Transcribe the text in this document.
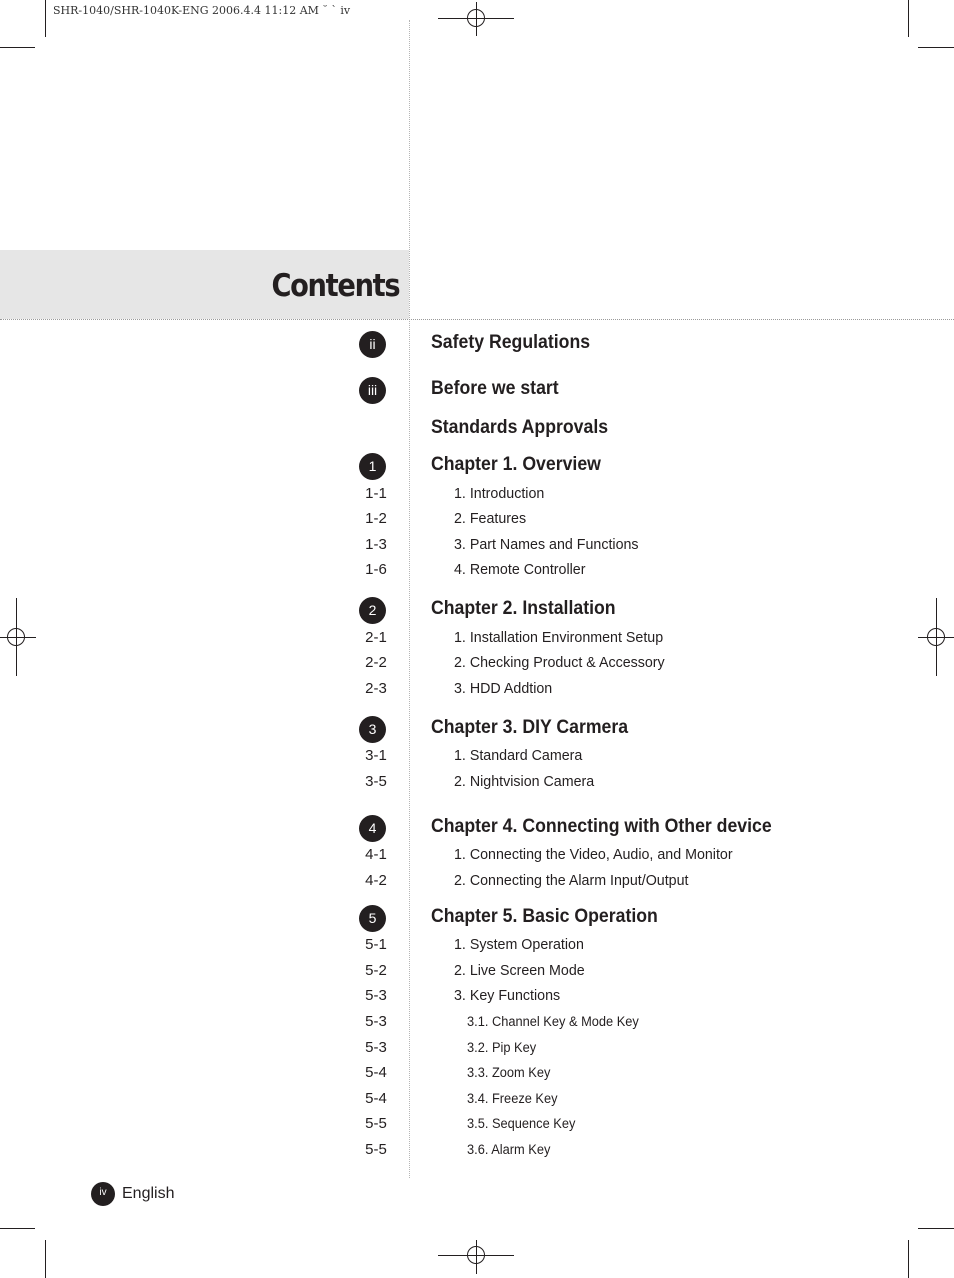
SHR-1040/SHR-1040K-ENG 2006.4.4 11:12 AM ˘ ` iv
Contents
ii	Safety Regulations
iii	Before we start
Standards Approvals
1	Chapter 1. Overview
1-1	1. Introduction
1-2	2. Features
1-3	3. Part Names and Functions
1-6	4. Remote Controller
2	Chapter 2. Installation
2-1	1. Installation Environment Setup
2-2	2. Checking Product & Accessory
2-3	3. HDD Addtion
3	Chapter 3. DIY Carmera
3-1	1. Standard Camera
3-5	2. Nightvision Camera
4	Chapter 4. Connecting with Other device
4-1	1. Connecting the Video, Audio, and Monitor
4-2	2. Connecting the Alarm Input/Output
5	Chapter 5. Basic Operation
5-1	1. System Operation
5-2	2. Live Screen Mode
5-3	3. Key Functions
5-3	3.1. Channel Key & Mode Key
5-3	3.2. Pip Key
5-4	3.3. Zoom Key
5-4	3.4. Freeze Key
5-5	3.5. Sequence Key
5-5	3.6. Alarm Key
iv English
